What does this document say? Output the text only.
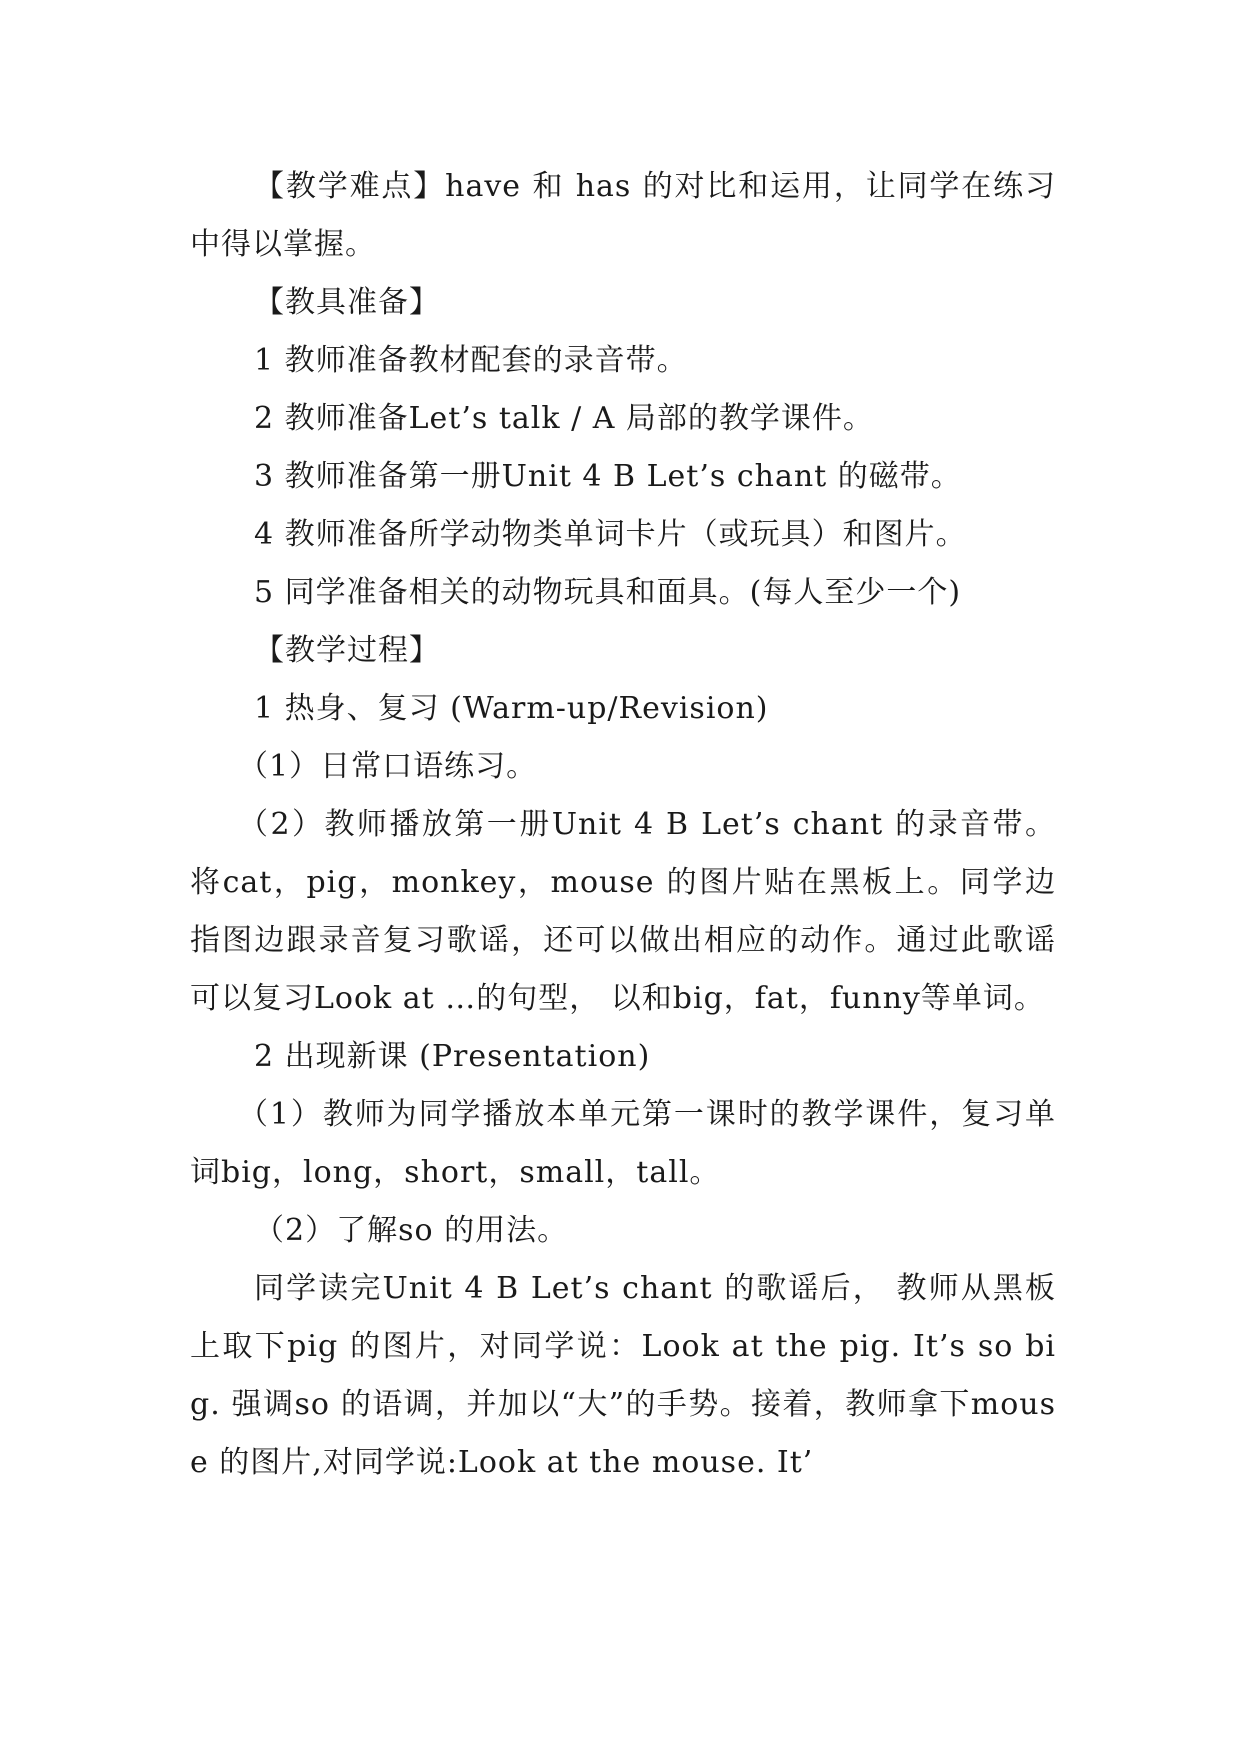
【教学难点】have 和 has 的对比和运用，让同学在练习中得以掌握。

【教具准备】

1 教师准备教材配套的录音带。

2 教师准备Let’s talk / A 局部的教学课件。

3 教师准备第一册Unit 4 B Let’s chant 的磁带。

4 教师准备所学动物类单词卡片（或玩具）和图片。

5 同学准备相关的动物玩具和面具。(每人至少一个)

【教学过程】

1 热身、复习 (Warm-up/Revision)

（1）日常口语练习。

（2）教师播放第一册Unit 4 B Let’s chant 的录音带。将cat，pig，monkey，mouse 的图片贴在黑板上。同学边指图边跟录音复习歌谣，还可以做出相应的动作。通过此歌谣可以复习Look at …的句型， 以和big，fat，funny等单词。

2 出现新课 (Presentation)

（1）教师为同学播放本单元第一课时的教学课件，复习单词big，long，short，small，tall。

（2）了解so 的用法。

同学读完Unit 4 B Let’s chant 的歌谣后， 教师从黑板上取下pig 的图片，对同学说：Look at the pig. It’s so big. 强调so 的语调，并加以“大”的手势。接着，教师拿下mouse 的图片,对同学说:Look at the mouse. It’
